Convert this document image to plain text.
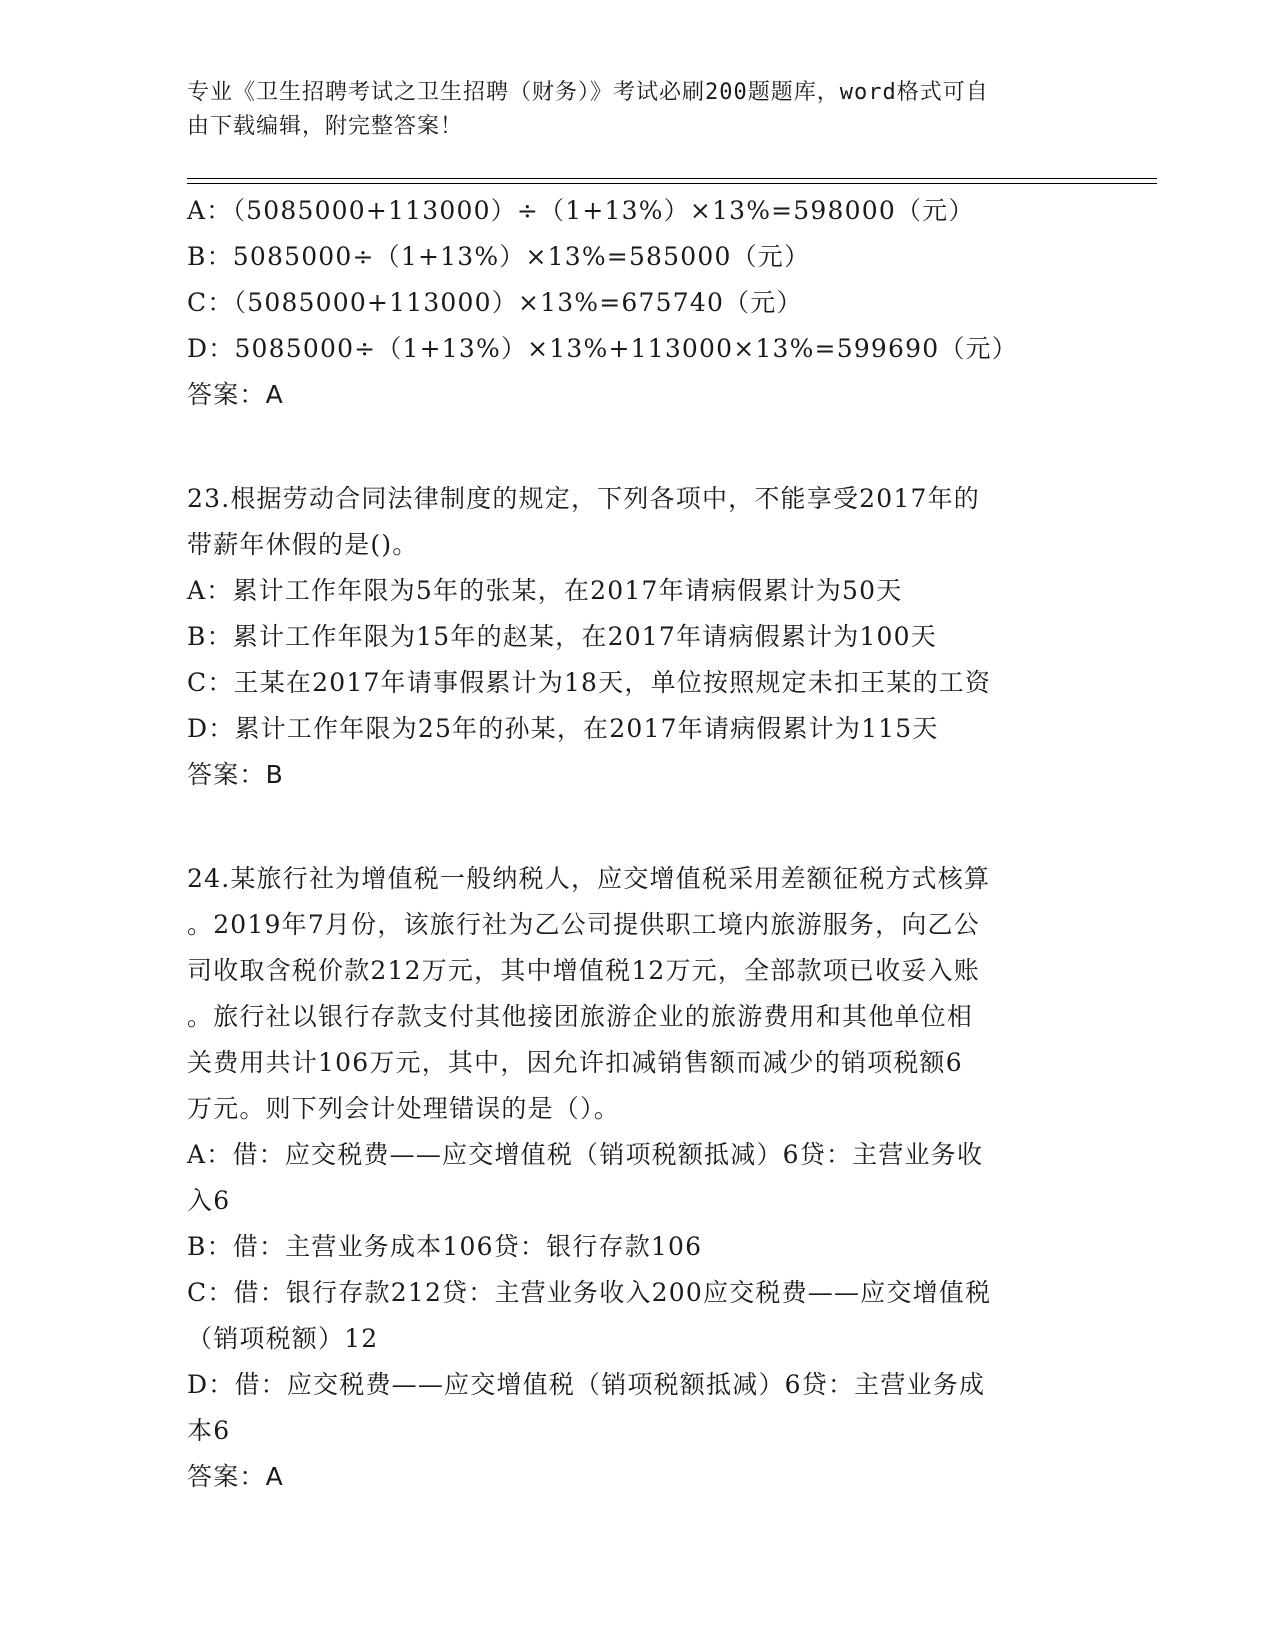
专业《卫生招聘考试之卫生招聘（财务）》考试必刷200题题库，word格式可自
由下载编辑，附完整答案！
A：（5085000+113000）÷（1+13%）×13%=598000（元）
B：5085000÷（1+13%）×13%=585000（元）
C：（5085000+113000）×13%=675740（元）
D：5085000÷（1+13%）×13%+113000×13%=599690（元）
答案：A
23.根据劳动合同法律制度的规定，下列各项中，不能享受2017年的
带薪年休假的是()。
A：累计工作年限为5年的张某，在2017年请病假累计为50天
B：累计工作年限为15年的赵某，在2017年请病假累计为100天
C：王某在2017年请事假累计为18天，单位按照规定未扣王某的工资
D：累计工作年限为25年的孙某，在2017年请病假累计为115天
答案：B
24.某旅行社为增值税一般纳税人，应交增值税采用差额征税方式核算
。2019年7月份，该旅行社为乙公司提供职工境内旅游服务，向乙公
司收取含税价款212万元，其中增值税12万元，全部款项已收妥入账
。旅行社以银行存款支付其他接团旅游企业的旅游费用和其他单位相
关费用共计106万元，其中，因允许扣减销售额而减少的销项税额6
万元。则下列会计处理错误的是（）。
A：借：应交税费——应交增值税（销项税额抵减）6贷：主营业务收
入6
B：借：主营业务成本106贷：银行存款106
C：借：银行存款212贷：主营业务收入200应交税费——应交增值税
（销项税额）12
D：借：应交税费——应交增值税（销项税额抵减）6贷：主营业务成
本6
答案：A
